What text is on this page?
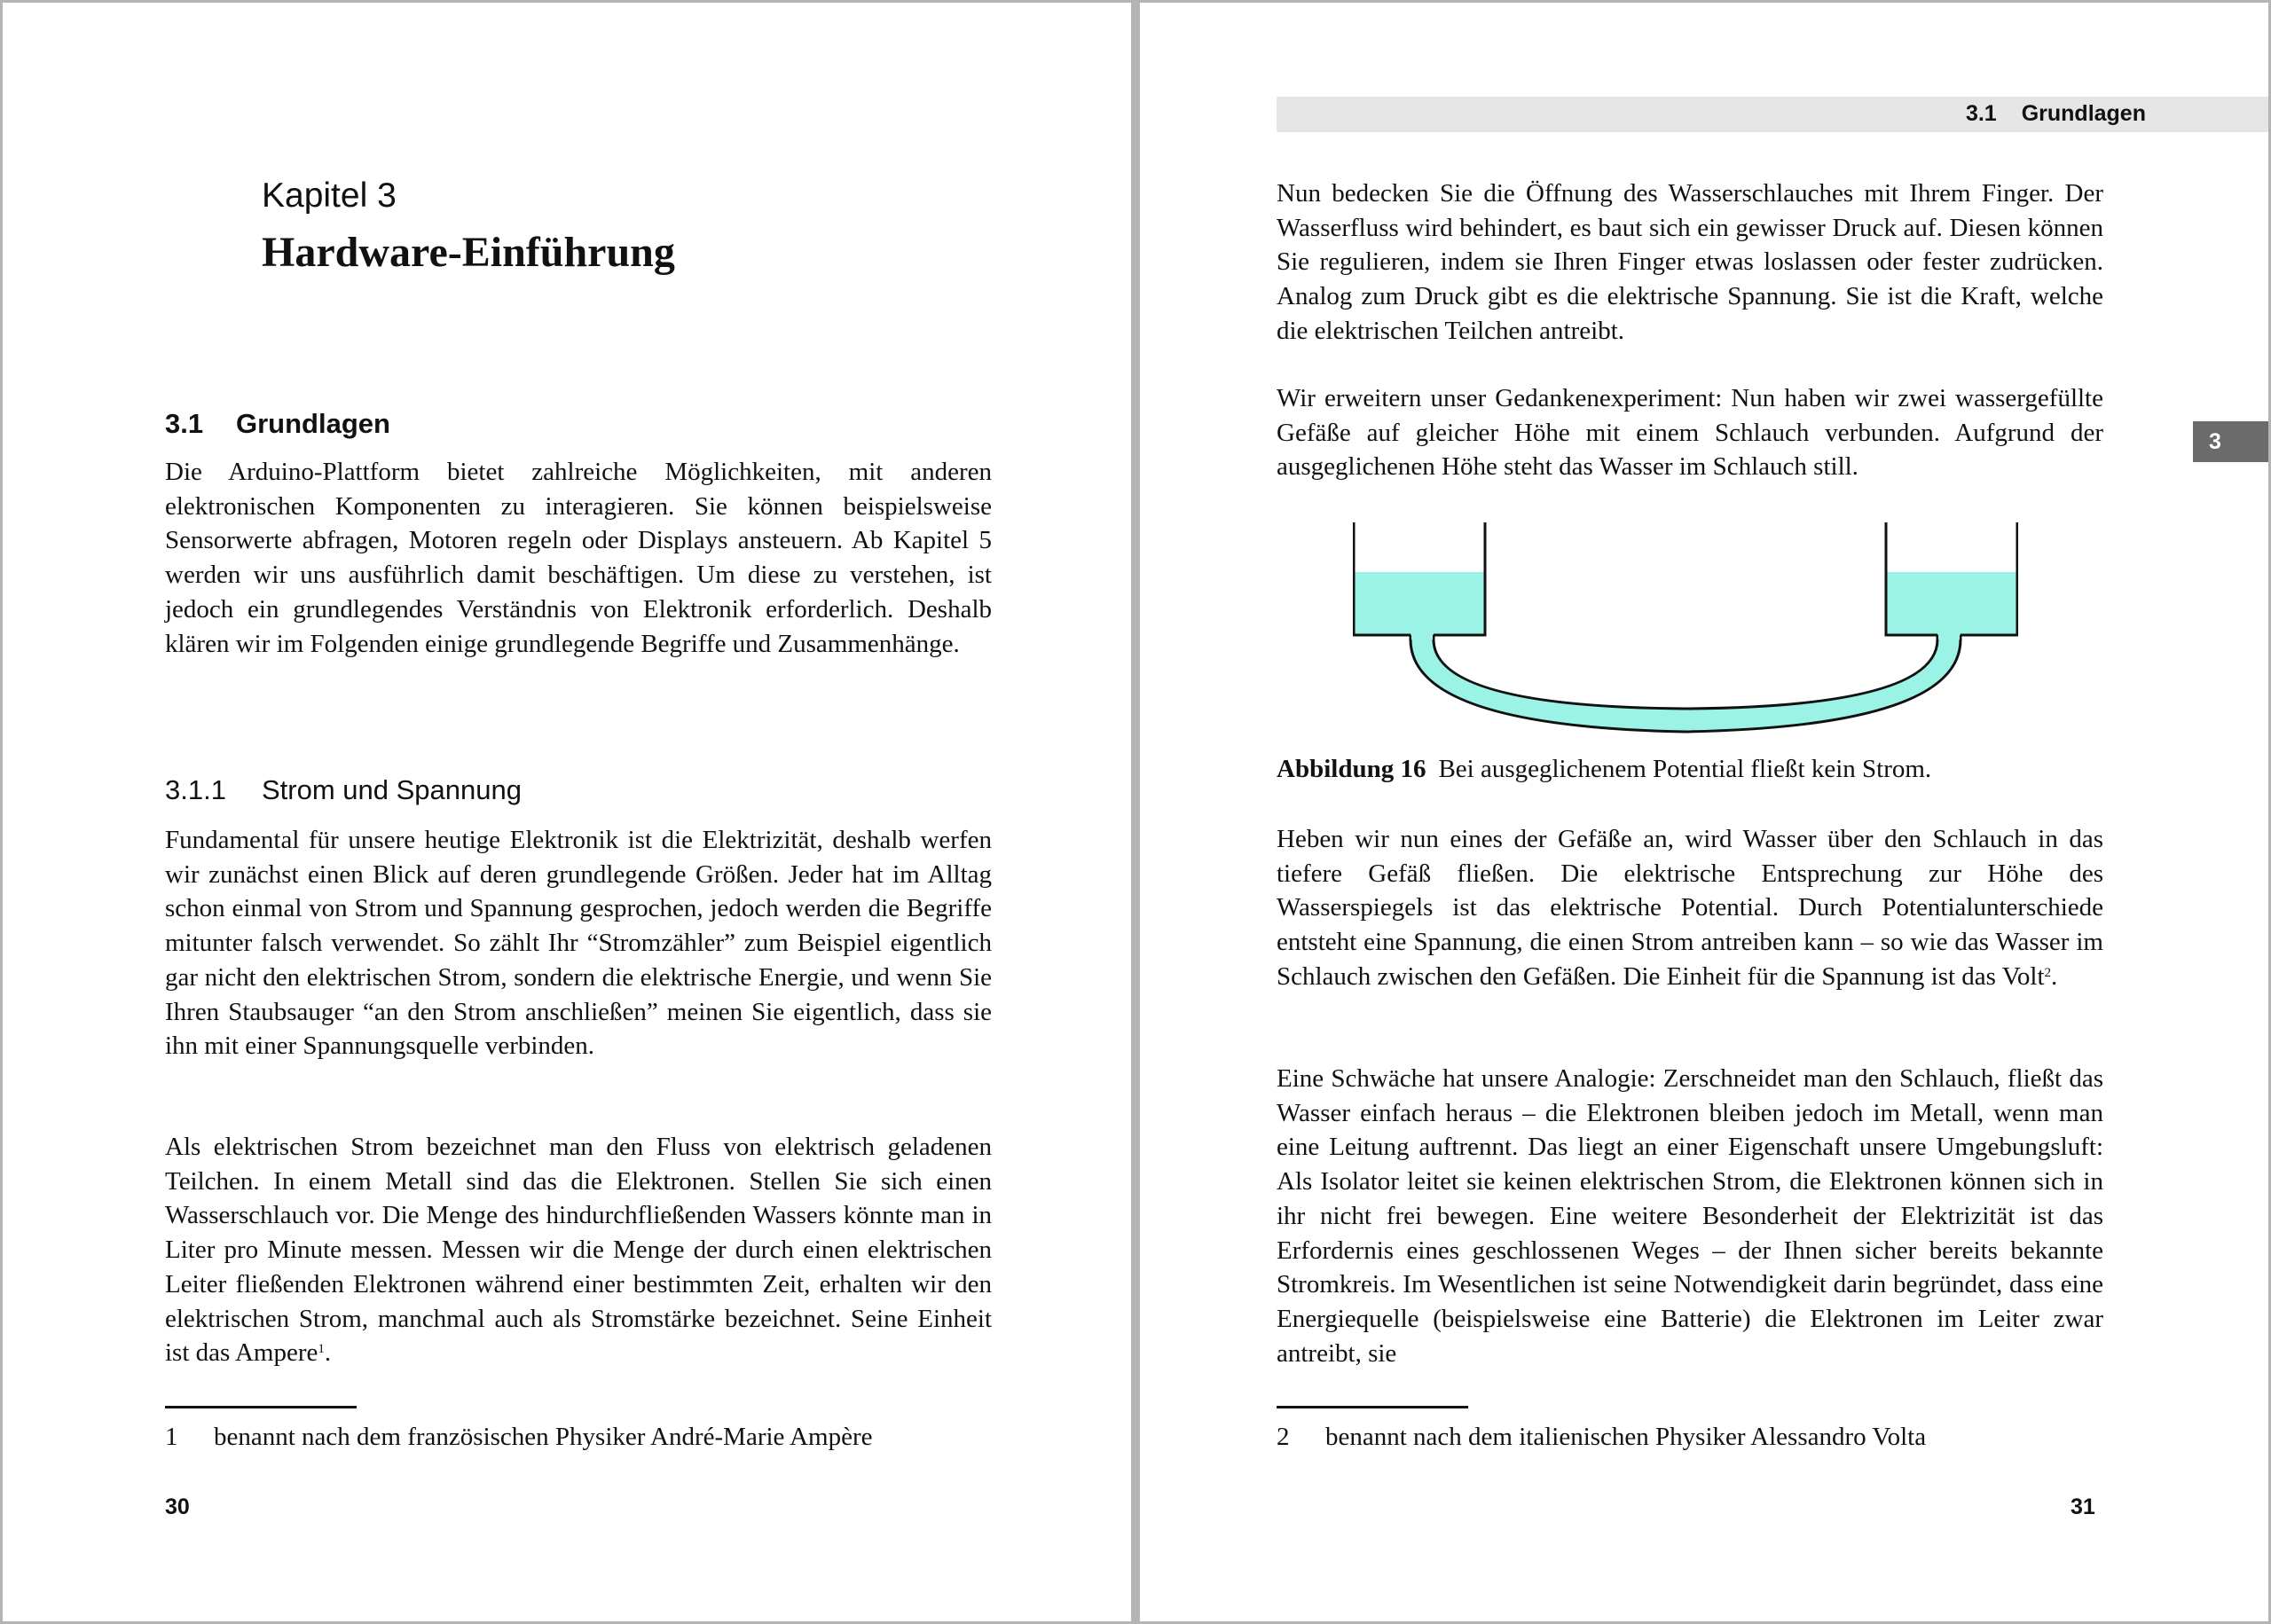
Kapitel 3
Hardware-Einführung
3.1 Grundlagen

Die Arduino-Plattform bietet zahlreiche Möglichkeiten, mit anderen elektronischen Komponenten zu interagieren. Sie können beispielsweise Sensorwerte abfragen, Motoren regeln oder Displays ansteuern. Ab Kapitel 5 werden wir uns ausführlich damit beschäftigen. Um diese zu verstehen, ist jedoch ein grundlegendes Verständnis von Elektronik erforderlich. Deshalb klären wir im Folgenden einige grundlegende Begriffe und Zusammenhänge.

3.1.1 Strom und Spannung

Fundamental für unsere heutige Elektronik ist die Elektrizität, deshalb werfen wir zunächst einen Blick auf deren grundlegende Größen. Jeder hat im Alltag schon einmal von Strom und Spannung gesprochen, jedoch werden die Begriffe mitunter falsch verwendet. So zählt Ihr “Stromzähler” zum Beispiel eigentlich gar nicht den elektrischen Strom, sondern die elektrische Energie, und wenn Sie Ihren Staubsauger “an den Strom anschließen” meinen Sie eigentlich, dass sie ihn mit einer Spannungsquelle verbinden.

Als elektrischen Strom bezeichnet man den Fluss von elektrisch geladenen Teilchen. In einem Metall sind das die Elektronen. Stellen Sie sich einen Wasserschlauch vor. Die Menge des hindurchfließenden Wassers könnte man in Liter pro Minute messen. Messen wir die Menge der durch einen elektrischen Leiter fließenden Elektronen während einer bestimmten Zeit, erhalten wir den elektrischen Strom, manchmal auch als Stromstärke bezeichnet. Seine Einheit ist das Ampere$^1$.

1 benannt nach dem französischen Physiker André-Marie Ampère

30
3.1 Grundlagen
3

Nun bedecken Sie die Öffnung des Wasserschlauches mit Ihrem Finger. Der Wasserfluss wird behindert, es baut sich ein gewisser Druck auf. Diesen können Sie regulieren, indem sie Ihren Finger etwas loslassen oder fester zudrücken. Analog zum Druck gibt es die elektrische Spannung. Sie ist die Kraft, welche die elektrischen Teilchen antreibt.

Wir erweitern unser Gedankenexperiment: Nun haben wir zwei wassergefüllte Gefäße auf gleicher Höhe mit einem Schlauch verbunden. Aufgrund der ausgeglichenen Höhe steht das Wasser im Schlauch still.

Abbildung 16 Bei ausgeglichenem Potential fließt kein Strom.

Heben wir nun eines der Gefäße an, wird Wasser über den Schlauch in das tiefere Gefäß fließen. Die elektrische Entsprechung zur Höhe des Wasserspiegels ist das elektrische Potential. Durch Potentialunterschiede entsteht eine Spannung, die einen Strom antreiben kann – so wie das Wasser im Schlauch zwischen den Gefäßen. Die Einheit für die Spannung ist das Volt$^2$.

Eine Schwäche hat unsere Analogie: Zerschneidet man den Schlauch, fließt das Wasser einfach heraus – die Elektronen bleiben jedoch im Metall, wenn man eine Leitung auftrennt. Das liegt an einer Eigenschaft unsere Umgebungsluft: Als Isolator leitet sie keinen elektrischen Strom, die Elektronen können sich in ihr nicht frei bewegen. Eine weitere Besonderheit der Elektrizität ist das Erfordernis eines geschlossenen Weges – der Ihnen sicher bereits bekannte Stromkreis. Im Wesentlichen ist seine Notwendigkeit darin begründet, dass eine Energiequelle (beispielsweise eine Batterie) die Elektronen im Leiter zwar antreibt, sie

2 benannt nach dem italienischen Physiker Alessandro Volta

31
